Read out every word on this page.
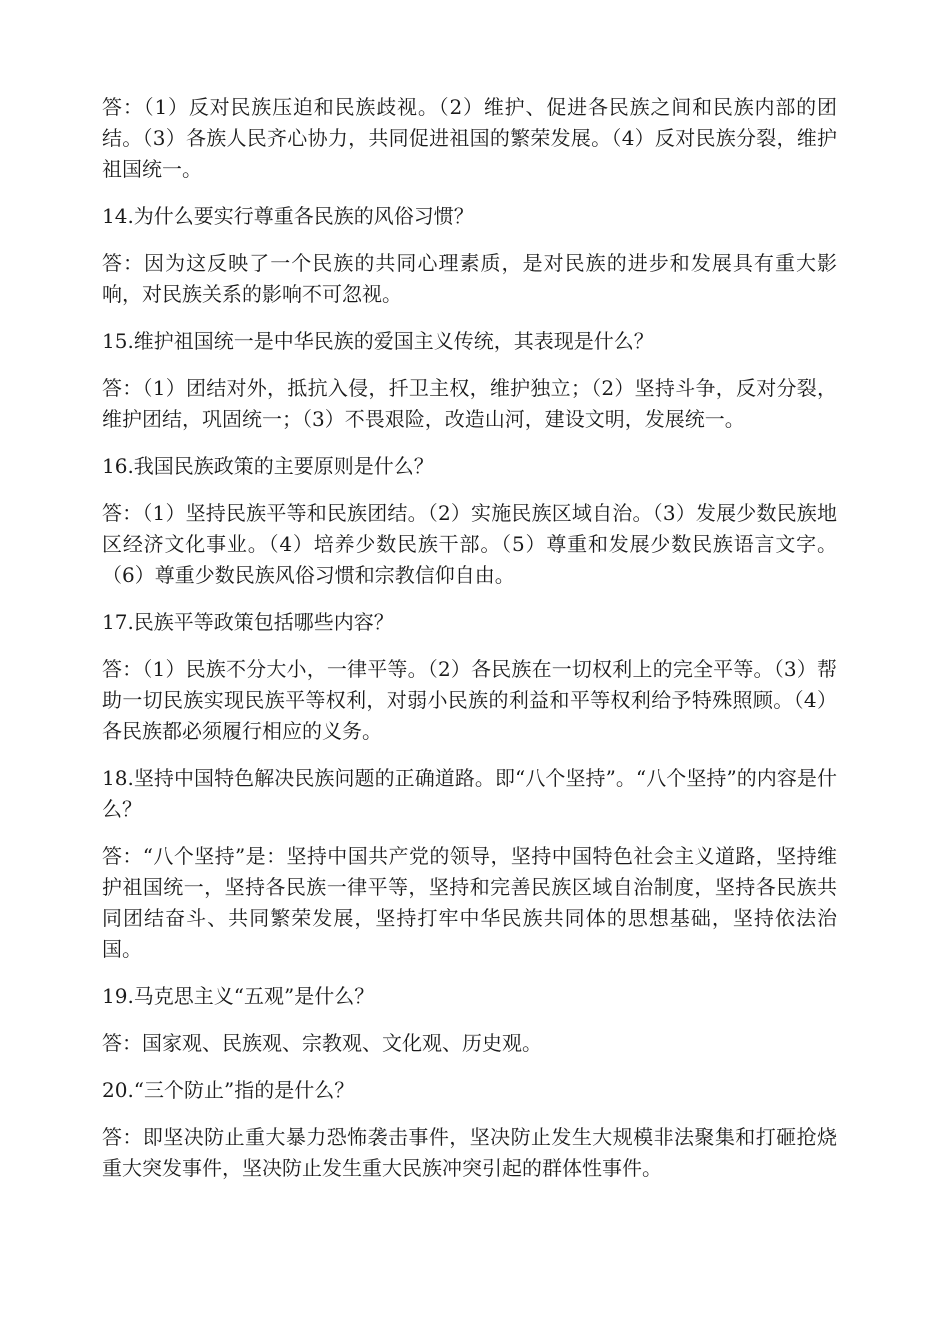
答：（1）反对民族压迫和民族歧视。（2）维护、促进各民族之间和民族内部的团结。（3）各族人民齐心协力，共同促进祖国的繁荣发展。（4）反对民族分裂，维护祖国统一。

14.为什么要实行尊重各民族的风俗习惯？

答：因为这反映了一个民族的共同心理素质，是对民族的进步和发展具有重大影响，对民族关系的影响不可忽视。

15.维护祖国统一是中华民族的爱国主义传统，其表现是什么？

答：（1）团结对外，抵抗入侵，扦卫主权，维护独立；（2）坚持斗争，反对分裂，维护团结，巩固统一；（3）不畏艰险，改造山河，建设文明，发展统一。

16.我国民族政策的主要原则是什么？

答：（1）坚持民族平等和民族团结。（2）实施民族区域自治。（3）发展少数民族地区经济文化事业。（4）培养少数民族干部。（5）尊重和发展少数民族语言文字。（6）尊重少数民族风俗习惯和宗教信仰自由。

17.民族平等政策包括哪些内容？

答：（1）民族不分大小，一律平等。（2）各民族在一切权利上的完全平等。（3）帮助一切民族实现民族平等权利，对弱小民族的利益和平等权利给予特殊照顾。（4）各民族都必须履行相应的义务。

18.坚持中国特色解决民族问题的正确道路。即“八个坚持”。“八个坚持”的内容是什么？

答：“八个坚持”是：坚持中国共产党的领导，坚持中国特色社会主义道路，坚持维护祖国统一，坚持各民族一律平等，坚持和完善民族区域自治制度，坚持各民族共同团结奋斗、共同繁荣发展，坚持打牢中华民族共同体的思想基础，坚持依法治国。

19.马克思主义“五观”是什么？

答：国家观、民族观、宗教观、文化观、历史观。

20.“三个防止”指的是什么？

答：即坚决防止重大暴力恐怖袭击事件，坚决防止发生大规模非法聚集和打砸抢烧重大突发事件，坚决防止发生重大民族冲突引起的群体性事件。
